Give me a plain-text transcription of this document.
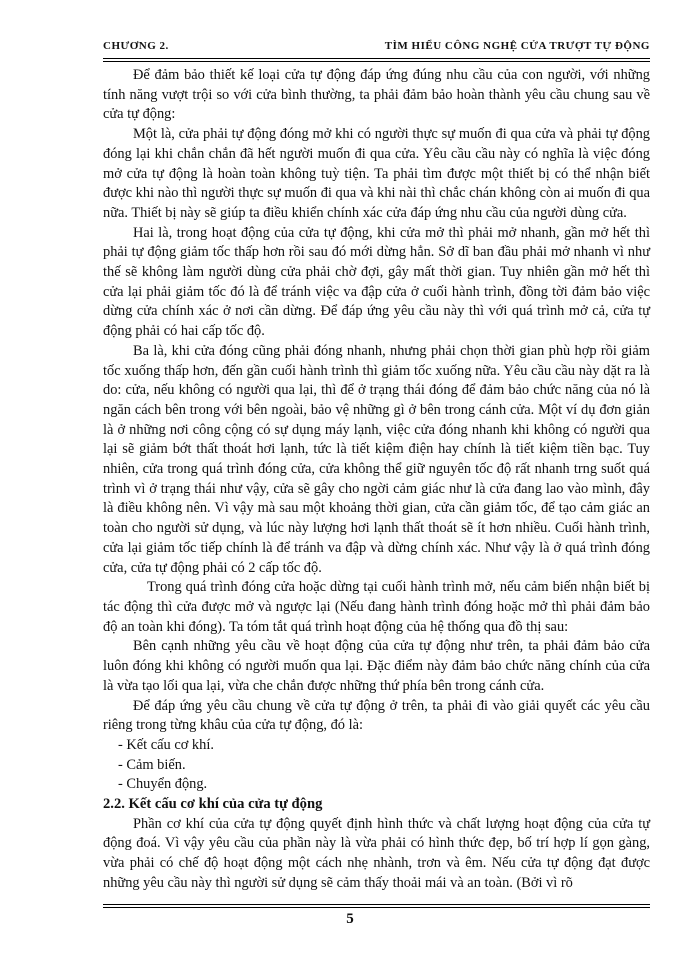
CHƯƠNG 2.	TÌM HIỂU CÔNG NGHỆ CỬA TRƯỢT TỰ ĐỘNG

Để đảm bảo thiết kế loại cửa tự động đáp ứng đúng nhu cầu của con người, với những tính năng vượt trội so với cửa bình thường, ta phải đảm bảo hoàn thành yêu cầu chung sau về cửa tự động:

Một là, cửa phải tự động đóng mở khi có người thực sự muốn đi qua cửa và phải tự động đóng lại khi chắn chắn đã hết người muốn đi qua cửa. Yêu cầu cầu này có nghĩa là việc đóng mở cửa tự động là hoàn toàn không tuỳ tiện. Ta phải tìm được một thiết bị có thể nhận biết được khi nào thì người thực sự muốn đi qua và khi nài thì chắc chán không còn ai muốn đi qua nữa. Thiết bị này sẽ giúp ta điều khiển chính xác cửa đáp ứng nhu cầu của người dùng cửa.

Hai là, trong hoạt động của cửa tự động, khi cửa mở thì phải mở nhanh, gần mở hết thì phải tự động giảm tốc thấp hơn rồi sau đó mới dừng hẳn. Sở dĩ ban đầu phải mở nhanh vì như thế sẽ không làm người dùng cửa phải chờ đợi, gây mất thời gian. Tuy nhiên gần mở hết thì cửa lại phải giảm tốc đó là để tránh việc va đập cửa ở cuối hành trình, đồng tời đảm bảo việc dừng cửa chính xác ở nơi cần dừng. Để đáp ứng yêu cầu này thì với quá trình mở cả, cửa tự động phải có hai cấp tốc độ.

Ba là, khi cửa đóng cũng phải đóng nhanh, nhưng phải chọn thời gian phù hợp rồi giảm tốc xuống thấp hơn, đến gần cuối hành trình thì giảm tốc xuống nữa. Yêu cầu cầu này dặt ra là do: cửa, nếu không có người qua lại, thì để ở trạng thái đóng để đảm bảo chức năng của nó là ngăn cách bên trong với bên ngoài, bảo vệ những gì ở bên trong cánh cửa. Một ví dụ đơn giản là ở những nơi công cộng có sự dụng máy lạnh, việc cửa đóng nhanh khi không có người qua lại sẽ giảm bớt thất thoát hơi lạnh, tức là tiết kiệm điện hay chính là tiết kiệm tiền bạc. Tuy nhiên, cửa trong quá trình đóng cửa, cửa không thể giữ nguyên tốc độ rất nhanh trng suốt quá trình vì ở trạng thái như vậy, cửa sẽ gây cho ngời cảm giác như là cửa đang lao vào mình, đây là điều không nên. Vì vậy mà sau một khoảng thời gian, cửa cần giảm tốc, để tạo cảm giác an toàn cho người sử dụng, và lúc này lượng hơi lạnh thất thoát sẽ ít hơn nhiều. Cuối hành trình, cửa lại giảm tốc tiếp chính là để tránh va đập và dừng chính xác. Như vậy là ở quá trình đóng cửa, cửa tự động phải có 2 cấp tốc độ.

Trong quá trình đóng cửa hoặc dừng tại cuối hành trình mở, nếu cảm biến nhận biết bị tác động thì cửa được mở và ngược lại (Nếu đang hành trình đóng hoặc mở thì phải đảm bảo độ an toàn khi đóng). Ta tóm tắt quá trình hoạt động của hệ thống qua đồ thị sau:

Bên cạnh những yêu cầu về hoạt động của cửa tự động như trên, ta phải đảm bảo cửa luôn đóng khi không có người muốn qua lại. Đặc điểm này đảm bảo chức năng chính của cửa là vừa tạo lối qua lại, vừa che chắn được những thứ phía bên trong cánh cửa.

Để đáp ứng yêu cầu chung về cửa tự động ở trên, ta phải đi vào giải quyết các yêu cầu riêng trong từng khâu của cửa tự động, đó là:

- Kết cấu cơ khí.
- Cảm biến.
- Chuyển động.

2.2. Kết cấu cơ khí của cửa tự động

Phần cơ khí của cửa tự động quyết định hình thức và chất lượng hoạt động của cửa tự động đoá. Vì vậy yêu cầu của phần này là vừa phải có hình thức đẹp, bố trí hợp lí gọn gàng, vừa phải có chế độ hoạt động một cách nhẹ nhành, trơn và êm. Nếu cửa tự động đạt được những yêu cầu này thì người sử dụng sẽ cảm thấy thoải mái và an toàn. (Bởi vì rõ

5
